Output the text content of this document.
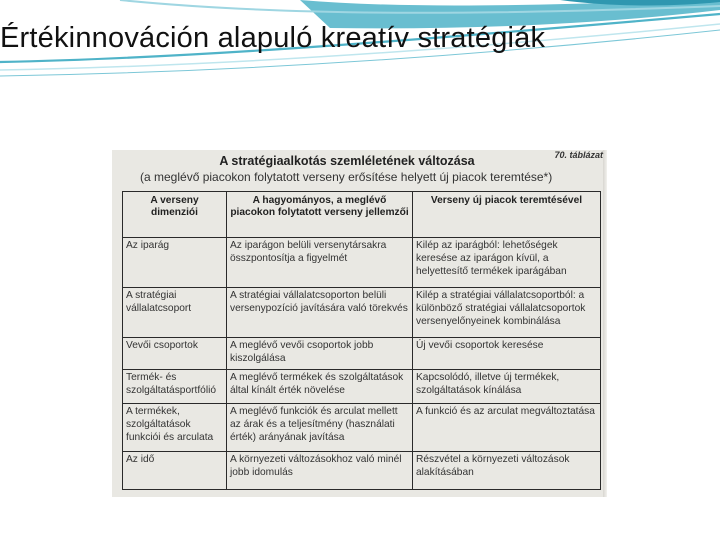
Értékinnováción alapuló kreatív stratégiák
70. táblázat
A stratégiaalkotás szemléletének változása
(a meglévő piacokon folytatott verseny erősítése helyett új piacok teremtése*)
A verseny dimenziói	A hagyományos, a meglévő piacokon folytatott verseny jellemzői	Verseny új piacok teremtésével
Az iparág	Az iparágon belüli versenytársakra összpontosítja a figyelmét	Kilép az iparágból: lehetőségek keresése az iparágon kívül, a helyettesítő termékek iparágában
A stratégiai vállalatcsoport	A stratégiai vállalatcsoporton belüli versenypozíció javítására való törekvés	Kilép a stratégiai vállalatcsoportból: a különböző stratégiai vállalatcsoportok versenyelőnyeinek kombinálása
Vevői csoportok	A meglévő vevői csoportok jobb kiszolgálása	Új vevői csoportok keresése
Termék- és szolgáltatásportfólió	A meglévő termékek és szolgáltatások által kínált érték növelése	Kapcsolódó, illetve új termékek, szolgáltatások kínálása
A termékek, szolgáltatások funkciói és arculata	A meglévő funkciók és arculat mellett az árak és a teljesítmény (használati érték) arányának javítása	A funkció és az arculat megváltoztatása
Az idő	A környezeti változásokhoz való minél jobb idomulás	Részvétel a környezeti változások alakításában
